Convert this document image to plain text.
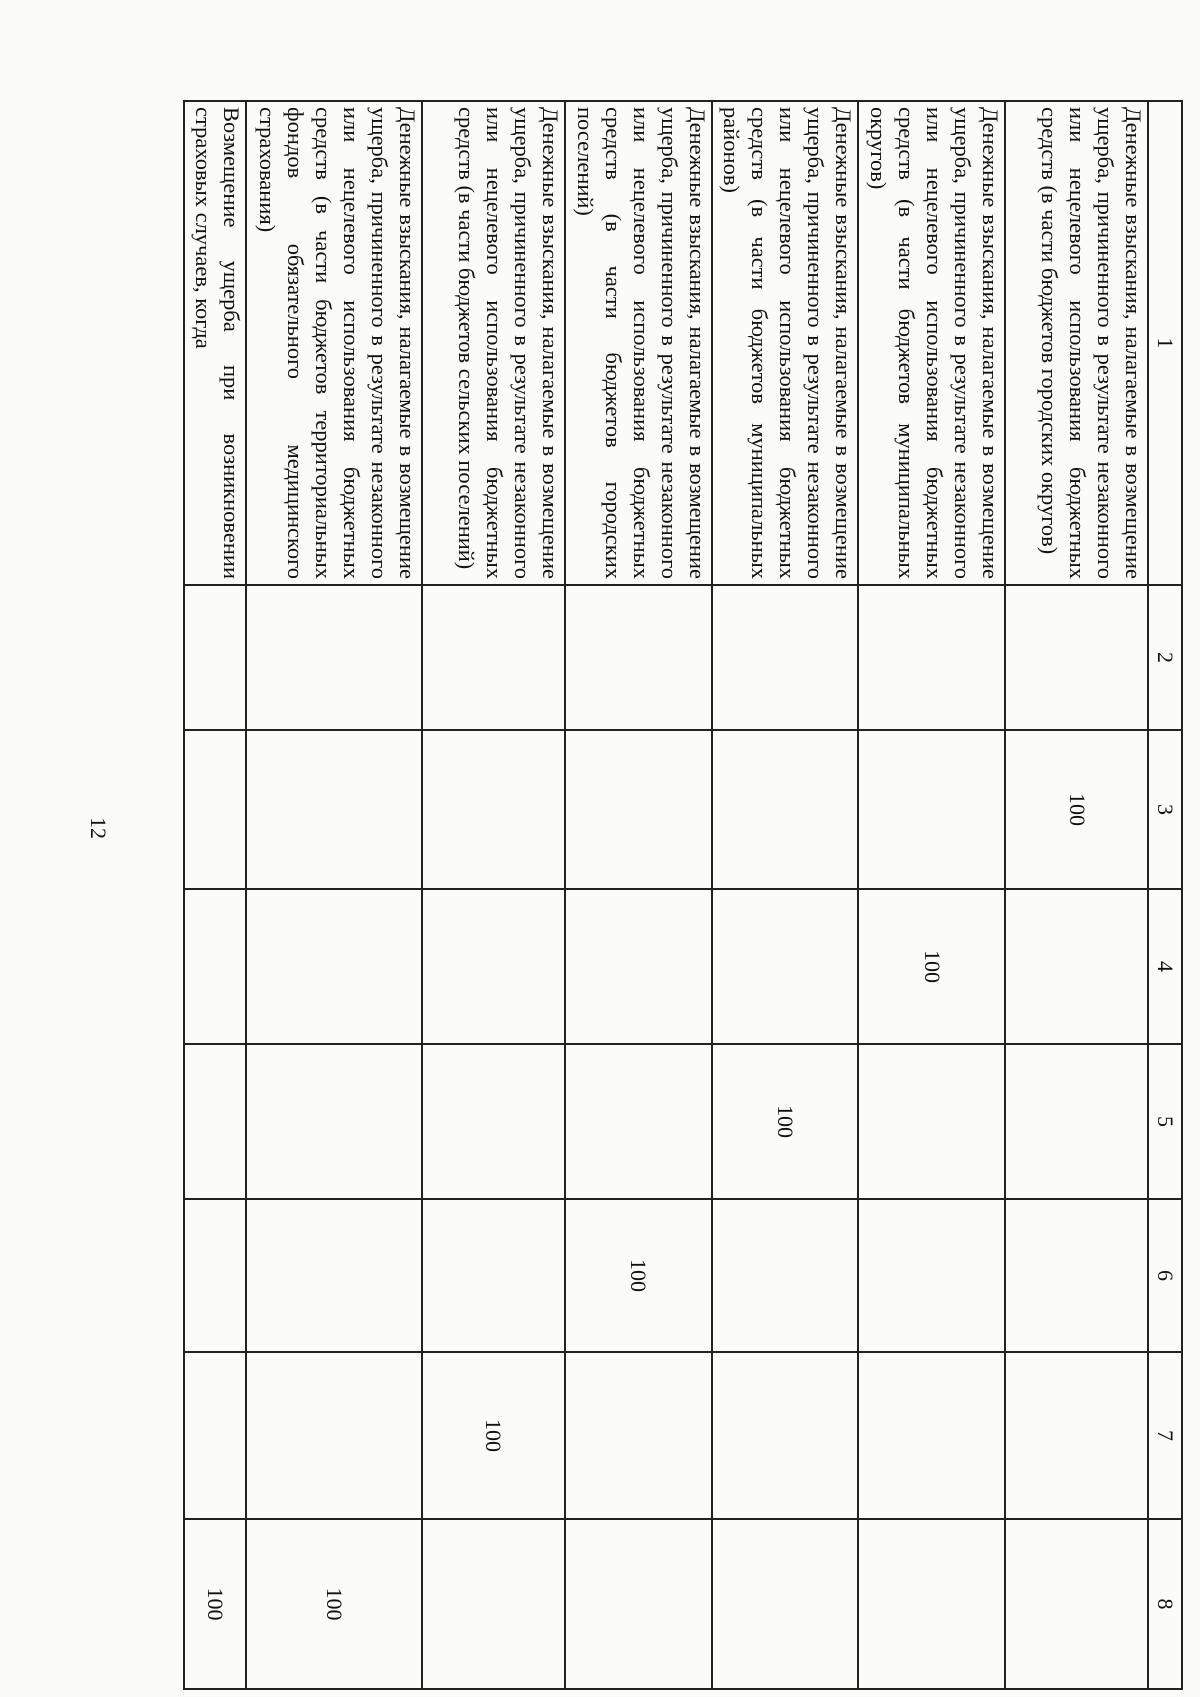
12
1	2	3	4	5	6	7	8
Денежные взыскания, налагаемые в возмещение ущерба, причиненного в результате незаконного или нецелевого использования бюджетных средств (в части бюджетов городских округов)		100					
Денежные взыскания, налагаемые в возмещение ущерба, причиненного в результате незаконного или нецелевого использования бюджетных средств (в части бюджетов муниципальных округов)			100				
Денежные взыскания, налагаемые в возмещение ущерба, причиненного в результате незаконного или нецелевого использования бюджетных средств (в части бюджетов муниципальных районов)				100			
Денежные взыскания, налагаемые в возмещение ущерба, причиненного в результате незаконного или нецелевого использования бюджетных средств (в части бюджетов городских поселений)					100		
Денежные взыскания, налагаемые в возмещение ущерба, причиненного в результате незаконного или нецелевого использования бюджетных средств (в части бюджетов сельских поселений)						100	
Денежные взыскания, налагаемые в возмещение ущерба, причиненного в результате незаконного или нецелевого использования бюджетных средств (в части бюджетов территориальных фондов обязательного медицинского страхования)							100
Возмещение ущерба при возникновении страховых случаев, когда							100
